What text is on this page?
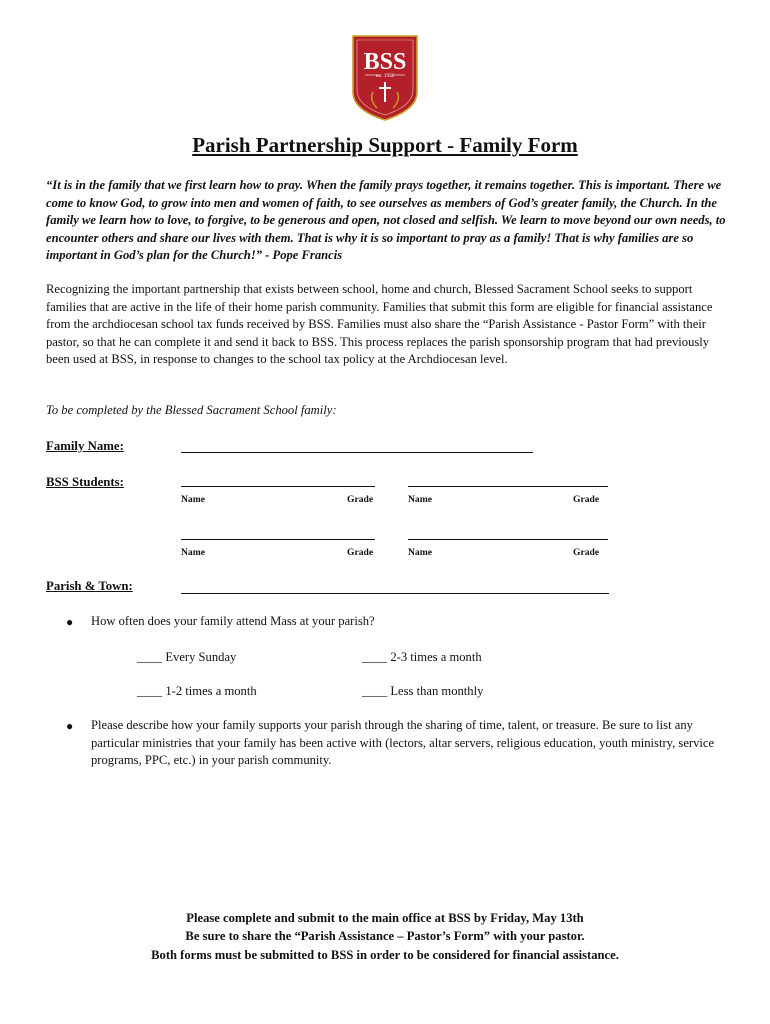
BSS
est. 1952
Parish Partnership Support - Family Form

“It is in the family that we first learn how to pray. When the family prays together, it remains together. This is important. There we come to know God, to grow into men and women of faith, to see ourselves as members of God’s greater family, the Church. In the family we learn how to love, to forgive, to be generous and open, not closed and selfish. We learn to move beyond our own needs, to encounter others and share our lives with them. That is why it is so important to pray as a family! That is why families are so important in God’s plan for the Church!” - Pope Francis

Recognizing the important partnership that exists between school, home and church, Blessed Sacrament School seeks to support families that are active in the life of their home parish community. Families that submit this form are eligible for financial assistance from the archdiocesan school tax funds received by BSS. Families must also share the “Parish Assistance - Pastor Form” with their pastor, so that he can complete it and send it back to BSS. This process replaces the parish sponsorship program that had previously been used at BSS, in response to changes to the school tax policy at the Archdiocesan level.

To be completed by the Blessed Sacrament School family:
Family Name:
BSS Students:
Name	Grade	Name	Grade
Name	Grade	Name	Grade
Parish & Town:
● How often does your family attend Mass at your parish?
____ Every Sunday	____ 2-3 times a month
____ 1-2 times a month	____ Less than monthly
● Please describe how your family supports your parish through the sharing of time, talent, or treasure. Be sure to list any particular ministries that your family has been active with (lectors, altar servers, religious education, youth ministry, service programs, PPC, etc.) in your parish community.

Please complete and submit to the main office at BSS by Friday, May 13th
Be sure to share the “Parish Assistance – Pastor’s Form” with your pastor.
Both forms must be submitted to BSS in order to be considered for financial assistance.
